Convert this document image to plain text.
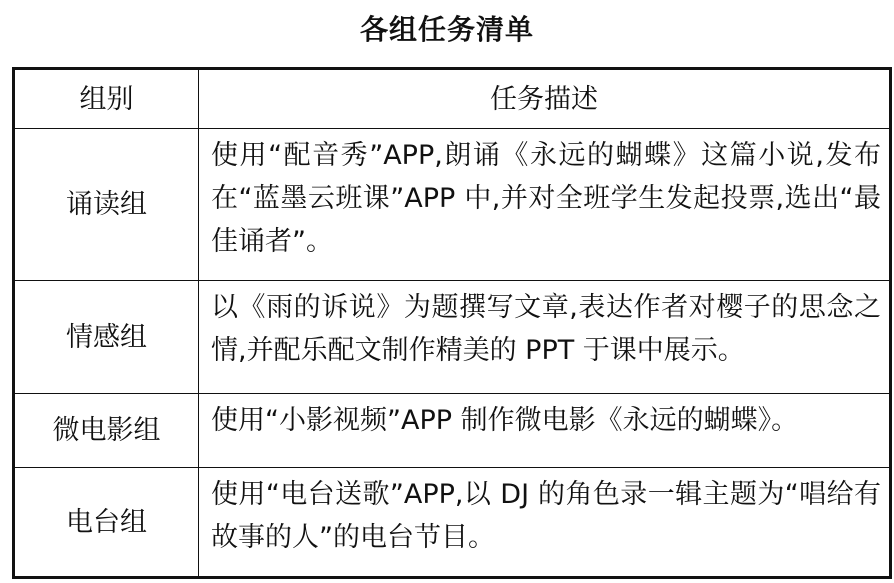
各组任务清单
组别	任务描述
诵读组	使用“配音秀”APP,朗诵《永远的蝴蝶》这篇小说,发布在“蓝墨云班课”APP 中,并对全班学生发起投票,选出“最佳诵者”。
情感组	以《雨的诉说》为题撰写文章,表达作者对樱子的思念之情,并配乐配文制作精美的 PPT 于课中展示。
微电影组	使用“小影视频”APP 制作微电影《永远的蝴蝶》。
电台组	使用“电台送歌”APP,以 DJ 的角色录一辑主题为“唱给有故事的人”的电台节目。
